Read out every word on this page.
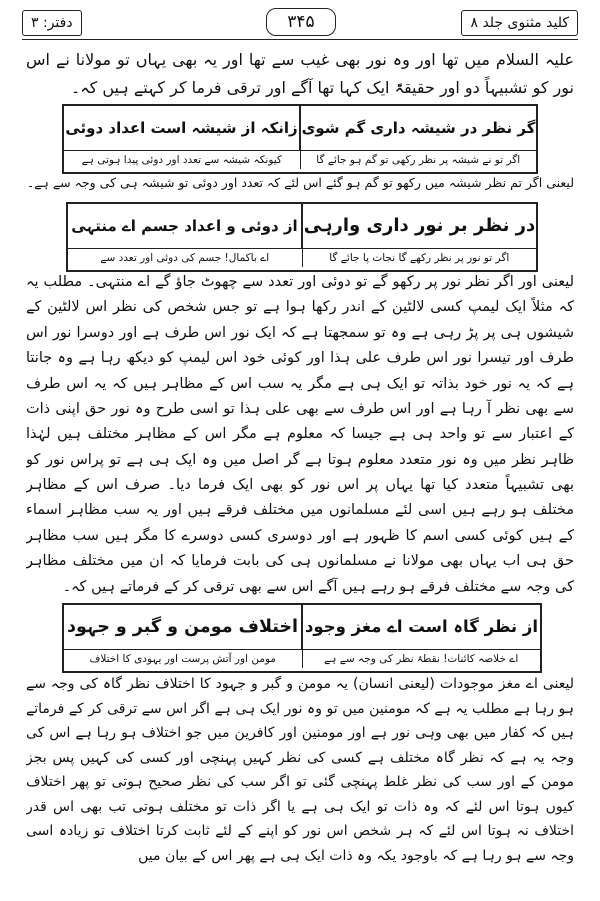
دفتر: ۳	۳۴۵	کلید مثنوی جلد ۸

علیہ السلام میں تھا اور وہ نور بھی غیب سے تھا اور یہ بھی یہاں تو مولانا نے اس نور کو تشبیہاً دو اور حقیقۃً ایک کہا تھا آگے اور ترقی فرما کر کہتے ہیں کہ۔

گر نظر در شیشہ داری گم شوی
زانکہ از شیشہ است اعداد دوئی
اگر تو نے شیشہ پر نظر رکھی تو گم ہو جائے گا
کیونکہ شیشہ سے تعدد اور دوئی پیدا ہوتی ہے

لیعنی اگر تم نظر شیشہ میں رکھو تو گم ہو گئے اس لئے کہ تعدد اور دوئی تو شیشہ ہی کی وجہ سے ہے۔

در نظر بر نور داری وارہی
از دوئی و اعداد جسم اے منتہی
اگر تو نور پر نظر رکھے گا نجات پا جائے گا
اے باکمال! جسم کی دوئی اور تعدد سے

لیعنی اور اگر نظر نور پر رکھو گے تو دوئی اور تعدد سے چھوٹ جاؤ گے اے منتہی۔ مطلب یہ کہ مثلاً ایک لیمپ کسی لالٹین کے اندر رکھا ہوا ہے تو جس شخص کی نظر اس لالٹین کے شیشوں ہی پر پڑ رہی ہے وہ تو سمجھتا ہے کہ ایک نور اس طرف ہے اور دوسرا نور اس طرف اور تیسرا نور اس طرف علی ہذا اور کوئی خود اس لیمپ کو دیکھ رہا ہے وہ جانتا ہے کہ یہ نور خود بذاتہ تو ایک ہی ہے مگر یہ سب اس کے مظاہر ہیں کہ یہ اس طرف سے بھی نظر آ رہا ہے اور اس طرف سے بھی علی ہذا تو اسی طرح وہ نور حق اپنی ذات کے اعتبار سے تو واحد ہی ہے جیسا کہ معلوم ہے مگر اس کے مظاہر مختلف ہیں لہٰذا ظاہر نظر میں وہ نور متعدد معلوم ہوتا ہے گر اصل میں وہ ایک ہی ہے تو پراس نور کو بھی تشبیہاً متعدد کیا تھا یہاں پر اس نور کو بھی ایک فرما دیا۔ صرف اس کے مظاہر مختلف ہو رہے ہیں اسی لئے مسلمانوں میں مختلف فرقے ہیں اور یہ سب مظاہر اسماء کے ہیں کوئی کسی اسم کا ظہور ہے اور دوسری کسی دوسرے کا مگر ہیں سب مظاہر حق ہی اب یہاں بھی مولانا نے مسلمانوں ہی کی بابت فرمایا کہ ان میں مختلف مظاہر کی وجہ سے مختلف فرقے ہو رہے ہیں آگے اس سے بھی ترقی کر کے فرماتے ہیں کہ۔

از نظر گاہ است اے مغز وجود
اختلاف مومن و گبر و جہود
اے خلاصہ کائنات! نقطۂ نظر کی وجہ سے ہے
مومن اور آتش پرست اور یہودی کا اختلاف

لیعنی اے مغز موجودات (لیعنی انسان) یہ مومن و گبر و جہود کا اختلاف نظر گاہ کی وجہ سے ہو رہا ہے مطلب یہ ہے کہ مومنین میں تو وہ نور ایک ہی ہے اگر اس سے ترقی کر کے فرماتے ہیں کہ کفار میں بھی وہی نور ہے اور مومنین اور کافرین میں جو اختلاف ہو رہا ہے اس کی وجہ یہ ہے کہ نظر گاہ مختلف ہے کسی کی نظر کہیں پہنچی اور کسی کی کہیں پس بجز مومن کے اور سب کی نظر غلط پہنچی گئی تو اگر سب کی نظر صحیح ہوتی تو پھر اختلاف کیوں ہوتا اس لئے کہ وہ ذات تو ایک ہی ہے یا اگر ذات تو مختلف ہوتی تب بھی اس قدر اختلاف نہ ہوتا اس لئے کہ ہر شخص اس نور کو اپنے کے لئے ثابت کرتا اختلاف تو زیادہ اسی وجہ سے ہو رہا ہے کہ باوجود یکہ وہ ذات ایک ہی ہے پھر اس کے بیان میں
